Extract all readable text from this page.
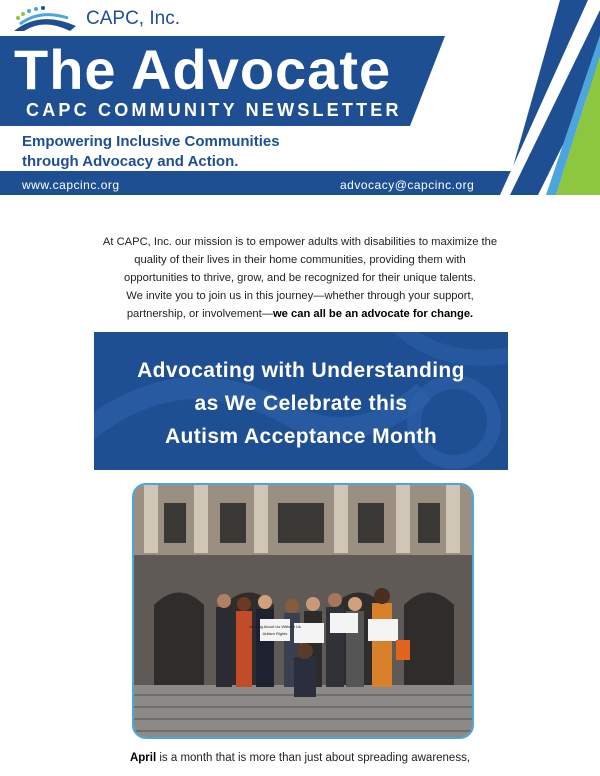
CAPC, Inc.
The Advocate
CAPC COMMUNITY NEWSLETTER
Empowering Inclusive Communities
through Advocacy and Action.
www.capcinc.org	advocacy@capcinc.org
At CAPC, Inc. our mission is to empower adults with disabilities to maximize the
quality of their lives in their home communities, providing them with
opportunities to thrive, grow, and be recognized for their unique talents.
We invite you to join us in this journey—whether through your support,
partnership, or involvement—we can all be an advocate for change.
Advocating with Understanding
as We Celebrate this
Autism Acceptance Month
Nothing About Us Without Us
Autism Rights
April is a month that is more than just about spreading awareness,
